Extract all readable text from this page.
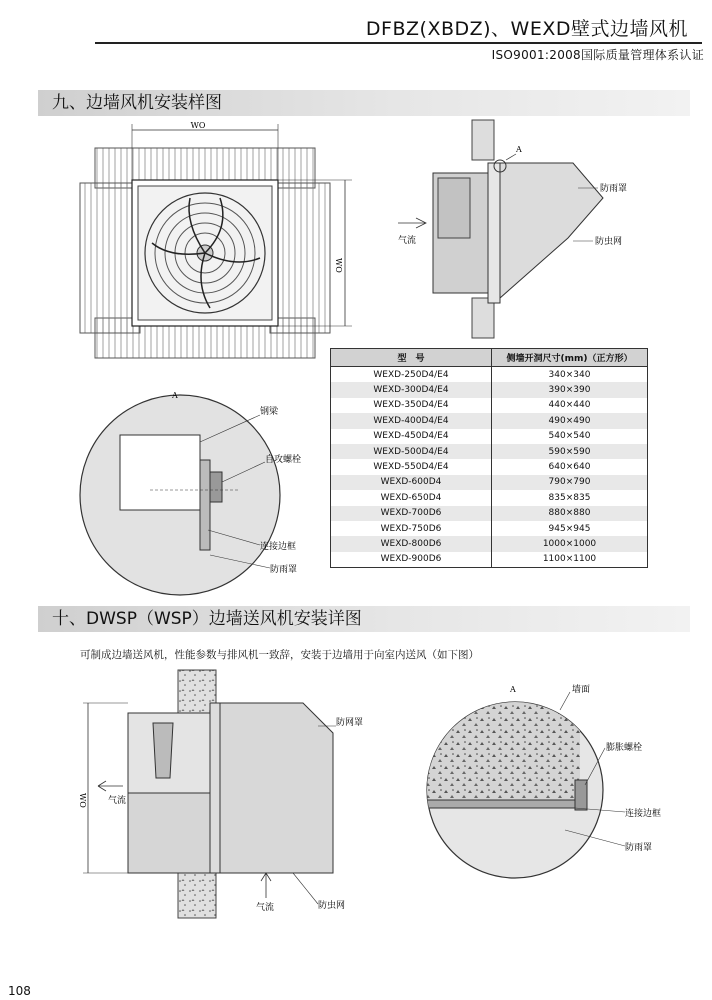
DFBZ(XBDZ)、WEXD壁式边墙风机
ISO9001:2008国际质量管理体系认证
九、边墙风机安装样图
WO
WO
A
防雨罩
防虫网
气流
A
钢梁
自攻螺栓
连接边框
防雨罩
型　号	侧墙开洞尺寸(mm)（正方形）
WEXD-250D4/E4	340×340
WEXD-300D4/E4	390×390
WEXD-350D4/E4	440×440
WEXD-400D4/E4	490×490
WEXD-450D4/E4	540×540
WEXD-500D4/E4	590×590
WEXD-550D4/E4	640×640
WEXD-600D4	790×790
WEXD-650D4	835×835
WEXD-700D6	880×880
WEXD-750D6	945×945
WEXD-800D6	1000×1000
WEXD-900D6	1100×1100
十、DWSP（WSP）边墙送风机安装详图
可制成边墙送风机，性能参数与排风机一致辞，安装于边墙用于向室内送风（如下图）
WO 气流
气流
防网罩
防虫网
A	墙面
膨胀螺栓
连接边框
防雨罩
108
